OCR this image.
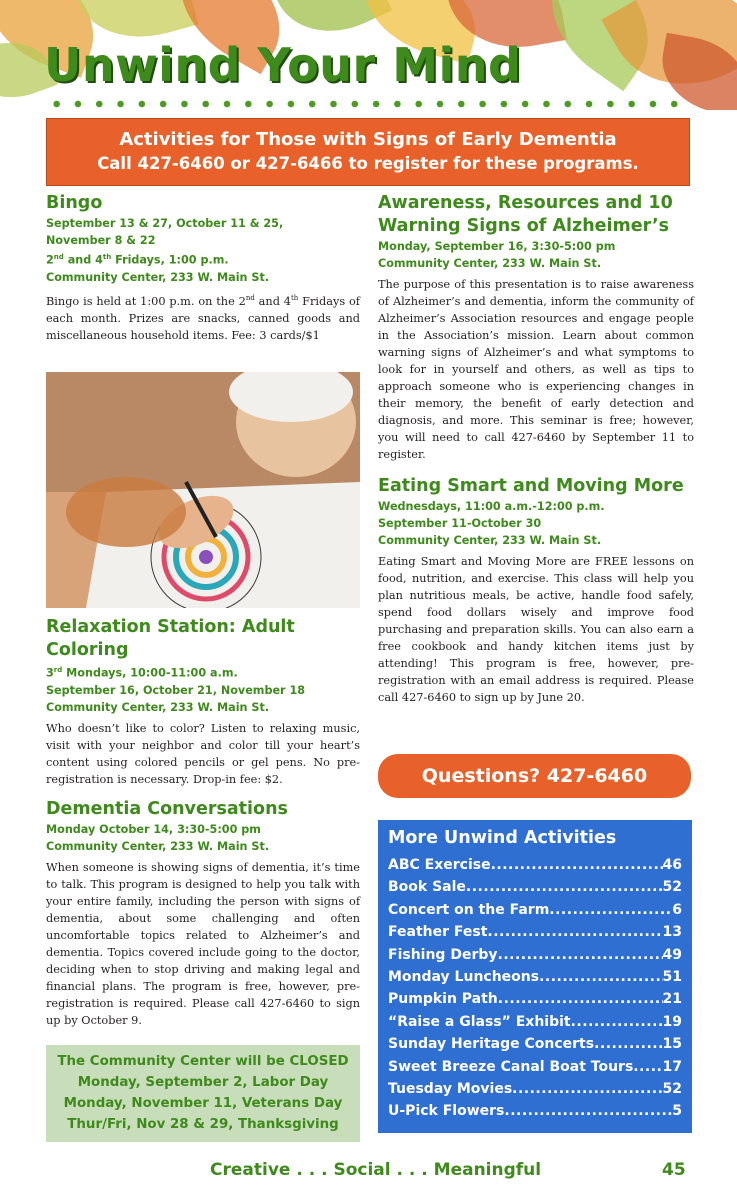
Unwind Your Mind
Activities for Those with Signs of Early Dementia
Call 427-6460 or 427-6466 to register for these programs.
Bingo
September 13 & 27, October 11 & 25,
November 8 & 22
2nd and 4th Fridays, 1:00 p.m.
Community Center, 233 W. Main St.

Bingo is held at 1:00 p.m. on the 2nd and 4th Fridays of each month. Prizes are snacks, canned goods and miscellaneous household items. Fee: 3 cards/$1

Relaxation Station: Adult Coloring
3rd Mondays, 10:00-11:00 a.m.
September 16, October 21, November 18
Community Center, 233 W. Main St.

Who doesn’t like to color? Listen to relaxing music, visit with your neighbor and color till your heart’s content using colored pencils or gel pens. No pre-registration is necessary. Drop-in fee: $2.

Dementia Conversations
Monday October 14, 3:30-5:00 pm
Community Center, 233 W. Main St.

When someone is showing signs of dementia, it’s time to talk. This program is designed to help you talk with your entire family, including the person with signs of dementia, about some challenging and often uncomfortable topics related to Alzheimer’s and dementia. Topics covered include going to the doctor, deciding when to stop driving and making legal and financial plans. The program is free, however, pre-registration is required. Please call 427-6460 to sign up by October 9.

The Community Center will be CLOSED
Monday, September 2, Labor Day
Monday, November 11, Veterans Day
Thur/Fri, Nov 28 & 29, Thanksgiving
Awareness, Resources and 10
Warning Signs of Alzheimer’s
Monday, September 16, 3:30-5:00 pm
Community Center, 233 W. Main St.

The purpose of this presentation is to raise awareness of Alzheimer’s and dementia, inform the community of Alzheimer’s Association resources and engage people in the Association’s mission. Learn about common warning signs of Alzheimer’s and what symptoms to look for in yourself and others, as well as tips to approach someone who is experiencing changes in their memory, the benefit of early detection and diagnosis, and more. This seminar is free; however, you will need to call 427-6460 by September 11 to register.

Eating Smart and Moving More
Wednesdays, 11:00 a.m.-12:00 p.m.
September 11-October 30
Community Center, 233 W. Main St.

Eating Smart and Moving More are FREE lessons on food, nutrition, and exercise. This class will help you plan nutritious meals, be active, handle food safely, spend food dollars wisely and improve food purchasing and preparation skills. You can also earn a free cookbook and handy kitchen items just by attending! This program is free, however, pre-registration with an email address is required. Please call 427-6460 to sign up by June 20.

Questions? 427-6460
More Unwind Activities
ABC Exercise .....	46
Book Sale .....	52
Concert on the Farm .....	6
Feather Fest .....	13
Fishing Derby .....	49
Monday Luncheons .....	51
Pumpkin Path .....	21
“Raise a Glass” Exhibit .....	19
Sunday Heritage Concerts .....	15
Sweet Breeze Canal Boat Tours ..... 17
Tuesday Movies .....	52
U-Pick Flowers .....	5
Creative . . . Social . . . Meaningful	45
